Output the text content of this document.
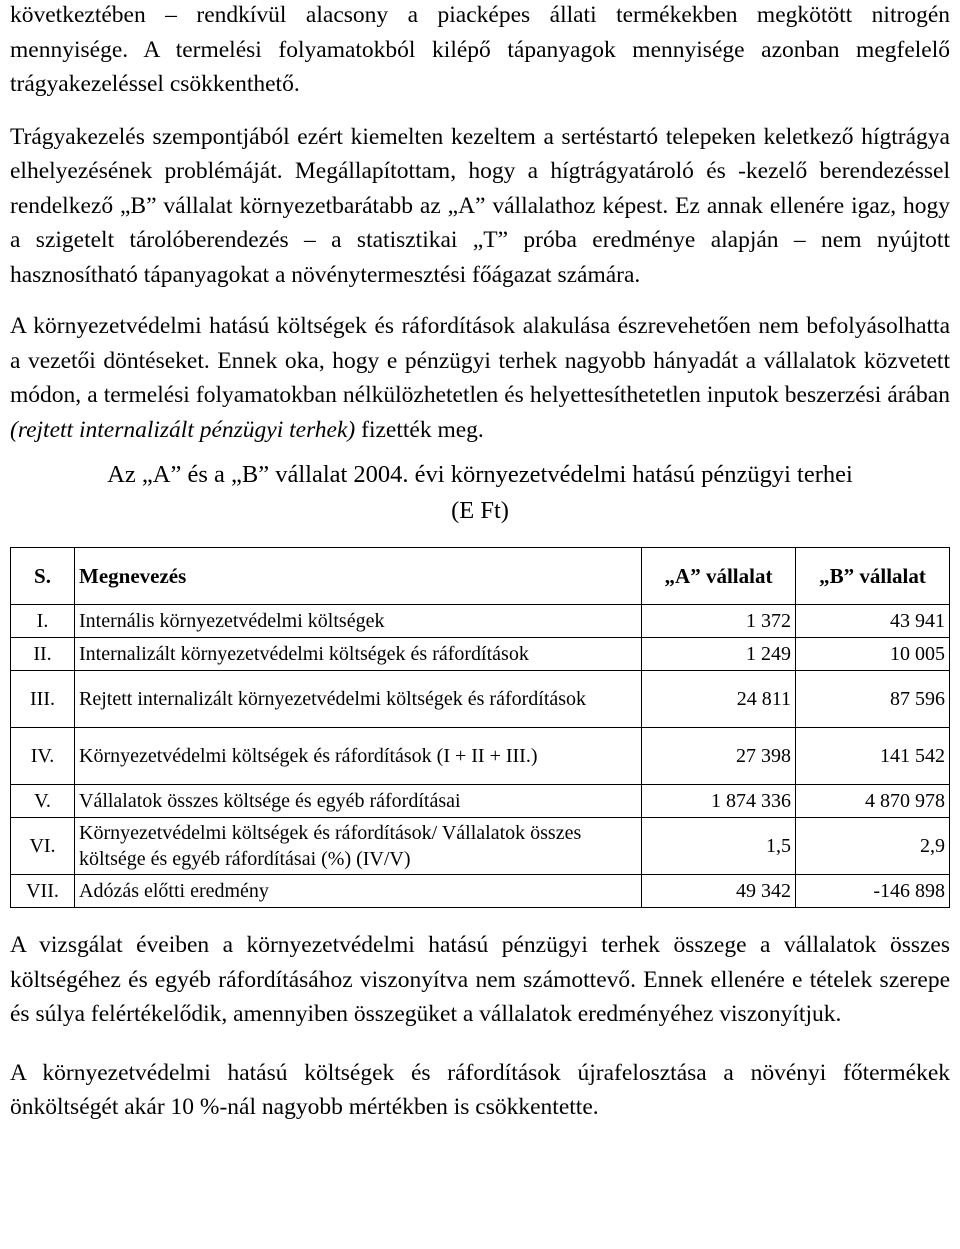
következtében – rendkívül alacsony a piacképes állati termékekben megkötött nitrogén mennyisége. A termelési folyamatokból kilépő tápanyagok mennyisége azonban megfelelő trágyakezeléssel csökkenthető.

Trágyakezelés szempontjából ezért kiemelten kezeltem a sertéstartó telepeken keletkező hígtrágya elhelyezésének problémáját. Megállapítottam, hogy a hígtrágyatároló és -kezelő berendezéssel rendelkező „B” vállalat környezetbarátabb az „A” vállalathoz képest. Ez annak ellenére igaz, hogy a szigetelt tárolóberendezés – a statisztikai „T” próba eredménye alapján – nem nyújtott hasznosítható tápanyagokat a növénytermesztési főágazat számára.

A környezetvédelmi hatású költségek és ráfordítások alakulása észrevehetően nem befolyásolhatta a vezetői döntéseket. Ennek oka, hogy e pénzügyi terhek nagyobb hányadát a vállalatok közvetett módon, a termelési folyamatokban nélkülözhetetlen és helyettesíthetetlen inputok beszerzési árában (rejtett internalizált pénzügyi terhek) fizették meg.

Az „A” és a „B” vállalat 2004. évi környezetvédelmi hatású pénzügyi terhei
(E Ft)
S.	Megnevezés	„A” vállalat	„B” vállalat
I.	Internális környezetvédelmi költségek	1 372	43 941
II.	Internalizált környezetvédelmi költségek és ráfordítások	1 249	10 005
III.	Rejtett internalizált környezetvédelmi költségek és ráfordítások	24 811	87 596
IV.	Környezetvédelmi költségek és ráfordítások (I + II + III.)	27 398	141 542
V.	Vállalatok összes költsége és egyéb ráfordításai	1 874 336	4 870 978
VI.	Környezetvédelmi költségek és ráfordítások/ Vállalatok összes költsége és egyéb ráfordításai (%) (IV/V)	1,5	2,9
VII.	Adózás előtti eredmény	49 342	-146 898

A vizsgálat éveiben a környezetvédelmi hatású pénzügyi terhek összege a vállalatok összes költségéhez és egyéb ráfordításához viszonyítva nem számottevő. Ennek ellenére e tételek szerepe és súlya felértékelődik, amennyiben összegüket a vállalatok eredményéhez viszonyítjuk.

A környezetvédelmi hatású költségek és ráfordítások újrafelosztása a növényi főtermékek önköltségét akár 10 %-nál nagyobb mértékben is csökkentette.
